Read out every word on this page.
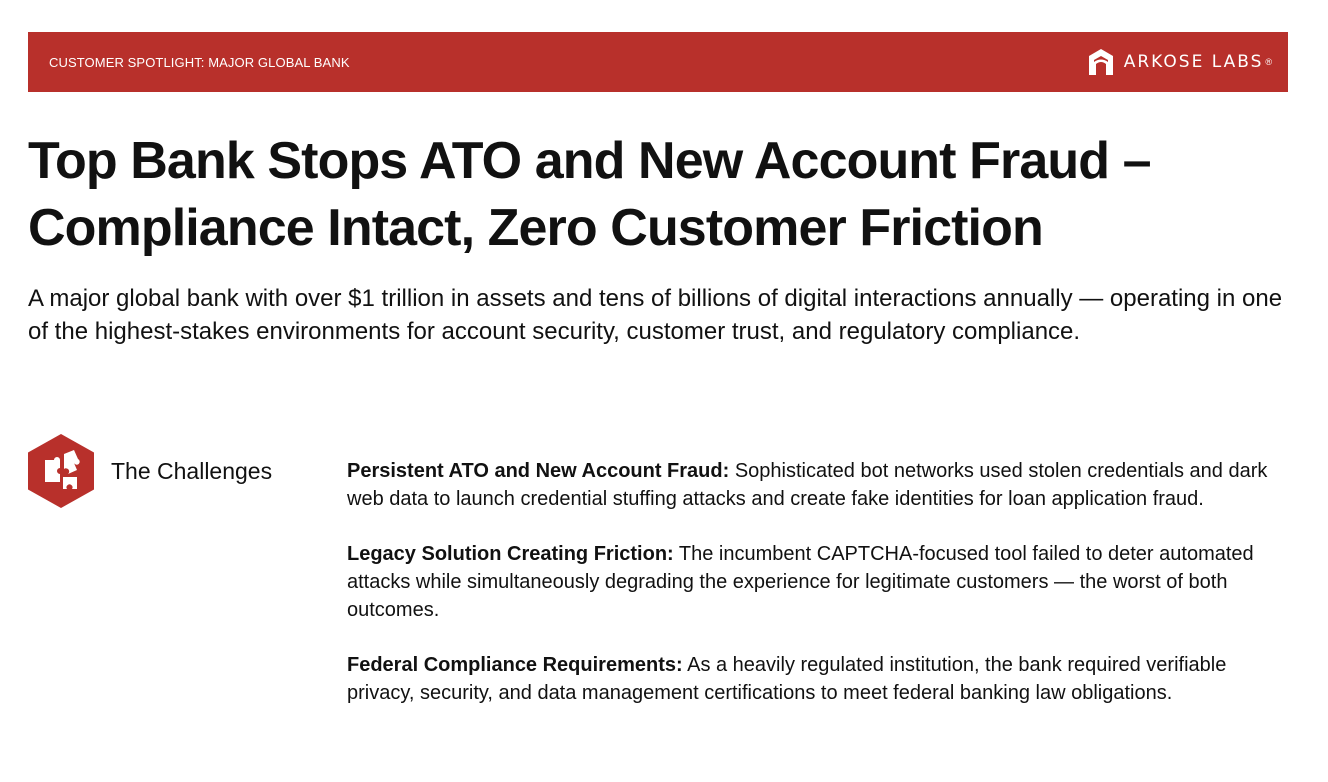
CUSTOMER SPOTLIGHT: MAJOR GLOBAL BANK	ARKOSE LABS ®
Top Bank Stops ATO and New Account Fraud – Compliance Intact, Zero Customer Friction

A major global bank with over $1 trillion in assets and tens of billions of digital interactions annually — operating in one of the highest-stakes environments for account security, customer trust, and regulatory compliance.

The Challenges	Persistent ATO and New Account Fraud: Sophisticated bot networks used stolen credentials and dark web data to launch credential stuffing attacks and create fake identities for loan application fraud.

Legacy Solution Creating Friction: The incumbent CAPTCHA-focused tool failed to deter automated attacks while simultaneously degrading the experience for legitimate customers — the worst of both outcomes.

Federal Compliance Requirements: As a heavily regulated institution, the bank required verifiable privacy, security, and data management certifications to meet federal banking law obligations.
